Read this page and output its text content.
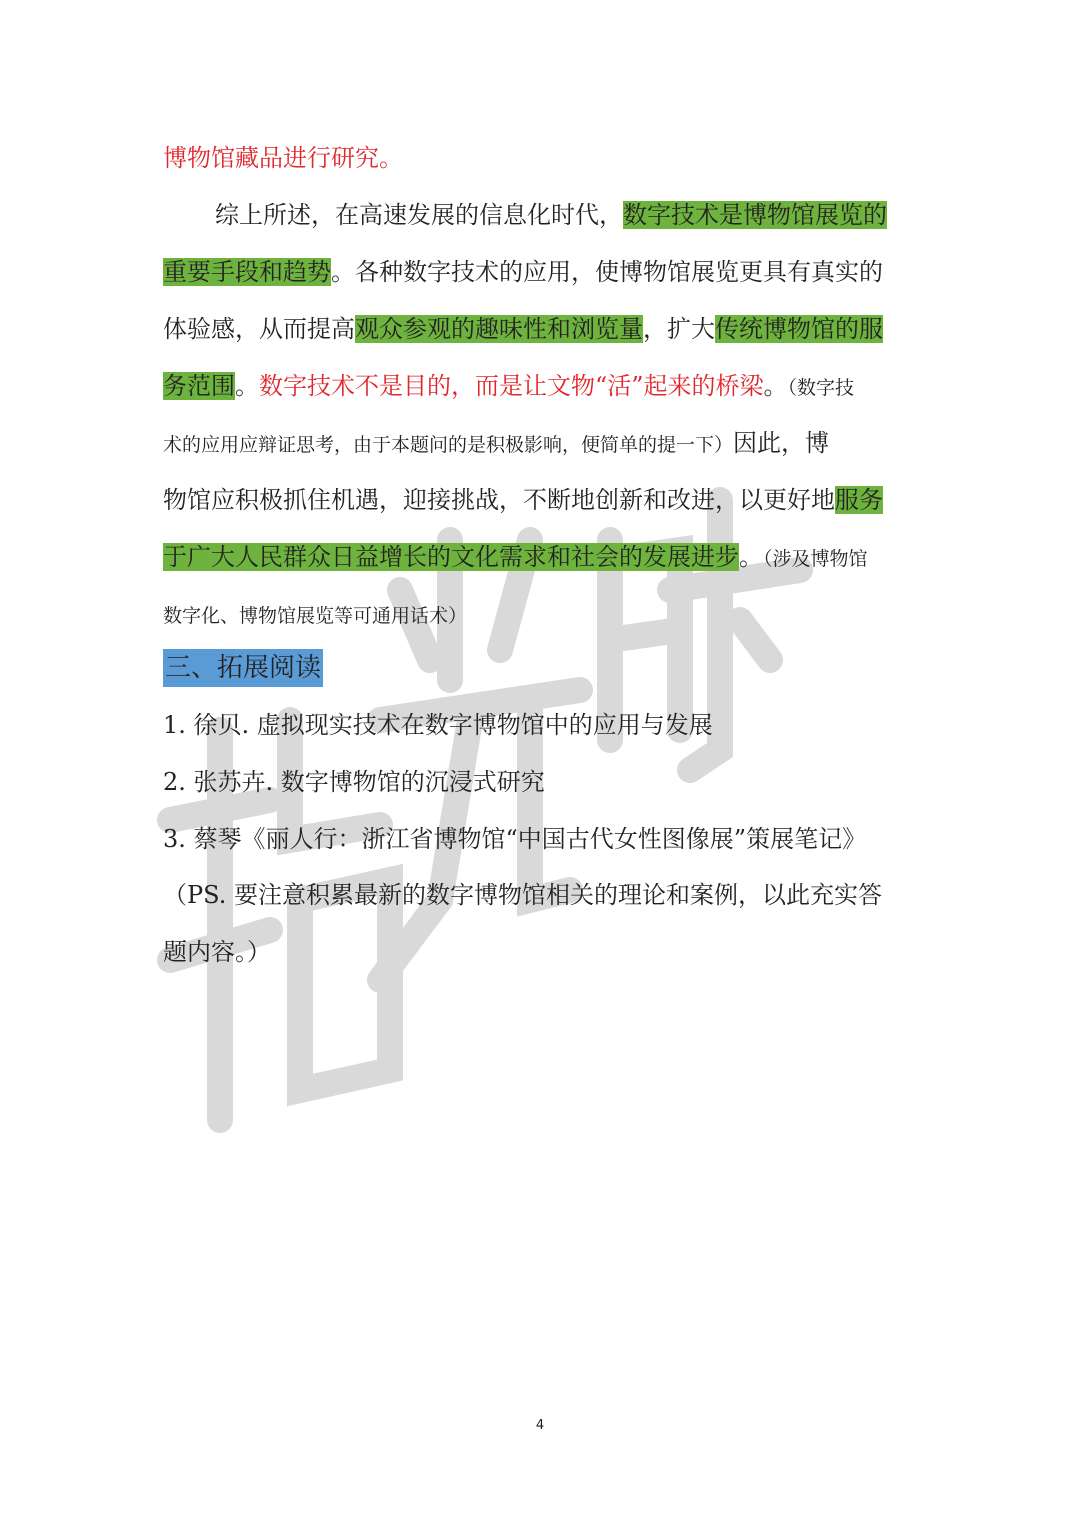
博物馆藏品进行研究。
综上所述，在高速发展的信息化时代，数字技术是博物馆展览的
重要手段和趋势。各种数字技术的应用，使博物馆展览更具有真实的
体验感，从而提高观众参观的趣味性和浏览量，扩大传统博物馆的服
务范围。数字技术不是目的，而是让文物“活”起来的桥梁。（数字技
术的应用应辩证思考，由于本题问的是积极影响，便简单的提一下）因此，博
物馆应积极抓住机遇，迎接挑战，不断地创新和改进，以更好地服务
于广大人民群众日益增长的文化需求和社会的发展进步。（涉及博物馆
数字化、博物馆展览等可通用话术）
三、拓展阅读
1. 徐贝. 虚拟现实技术在数字博物馆中的应用与发展
2. 张苏卉. 数字博物馆的沉浸式研究
3. 蔡琴《丽人行：浙江省博物馆“中国古代女性图像展”策展笔记》
（PS. 要注意积累最新的数字博物馆相关的理论和案例，以此充实答
题内容。）
4
